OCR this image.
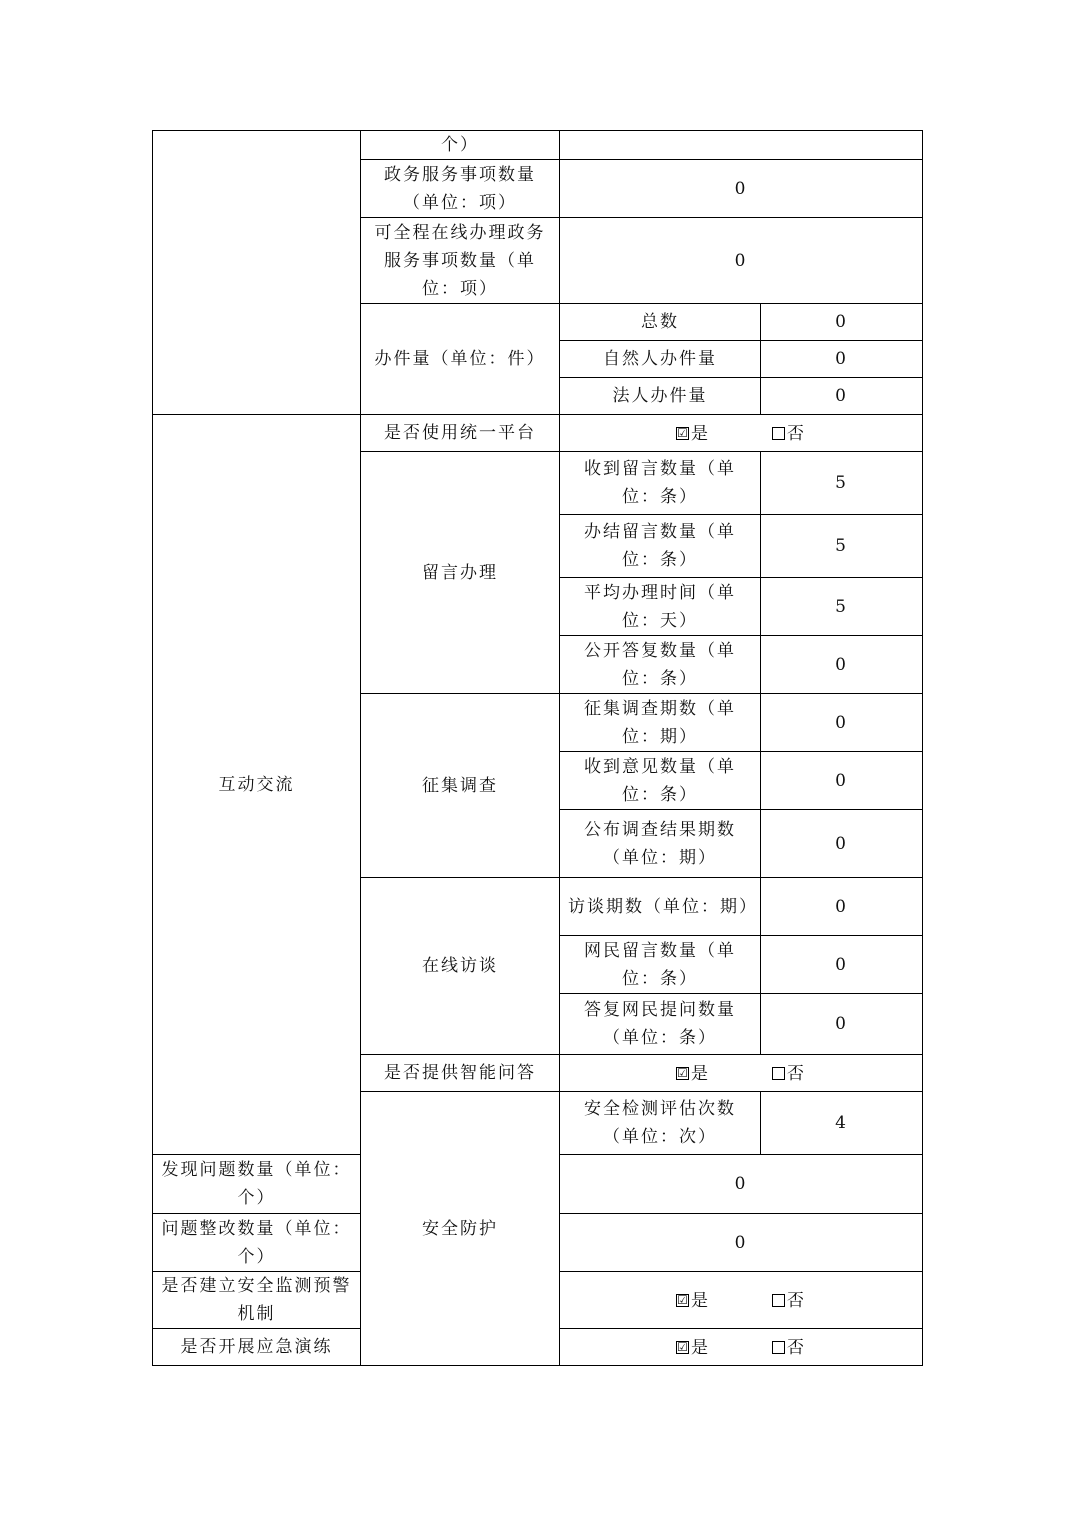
	个）		
	政务服务事项数量（单位：项）	0	
	可全程在线办理政务服务事项数量（单位：项）	0	
	办件量（单位：件）	总数	0
		自然人办件量	0
		法人办件量	0
互动交流	是否使用统一平台	☑ 是 否	

	留言办理	收到留言数量（单位：条）	5
		办结留言数量（单位：条）	5
		平均办理时间（单位：天）	5
		公开答复数量（单位：条）	0
	征集调查	征集调查期数（单位：期）	0
		收到意见数量（单位：条）	0
		公布调查结果期数（单位：期）	0
	在线访谈	访谈期数（单位：期）	0
		网民留言数量（单位：条）	0
		答复网民提问数量（单位：条）	0
	是否提供智能问答	☑ 是 否	

	安全防护	安全检测评估次数（单位：次）	4
发现问题数量（单位：个）		0	
问题整改数量（单位：个）		0	
是否建立安全监测预警机制		☑ 是 否	

是否开展应急演练		☑ 是 否	
